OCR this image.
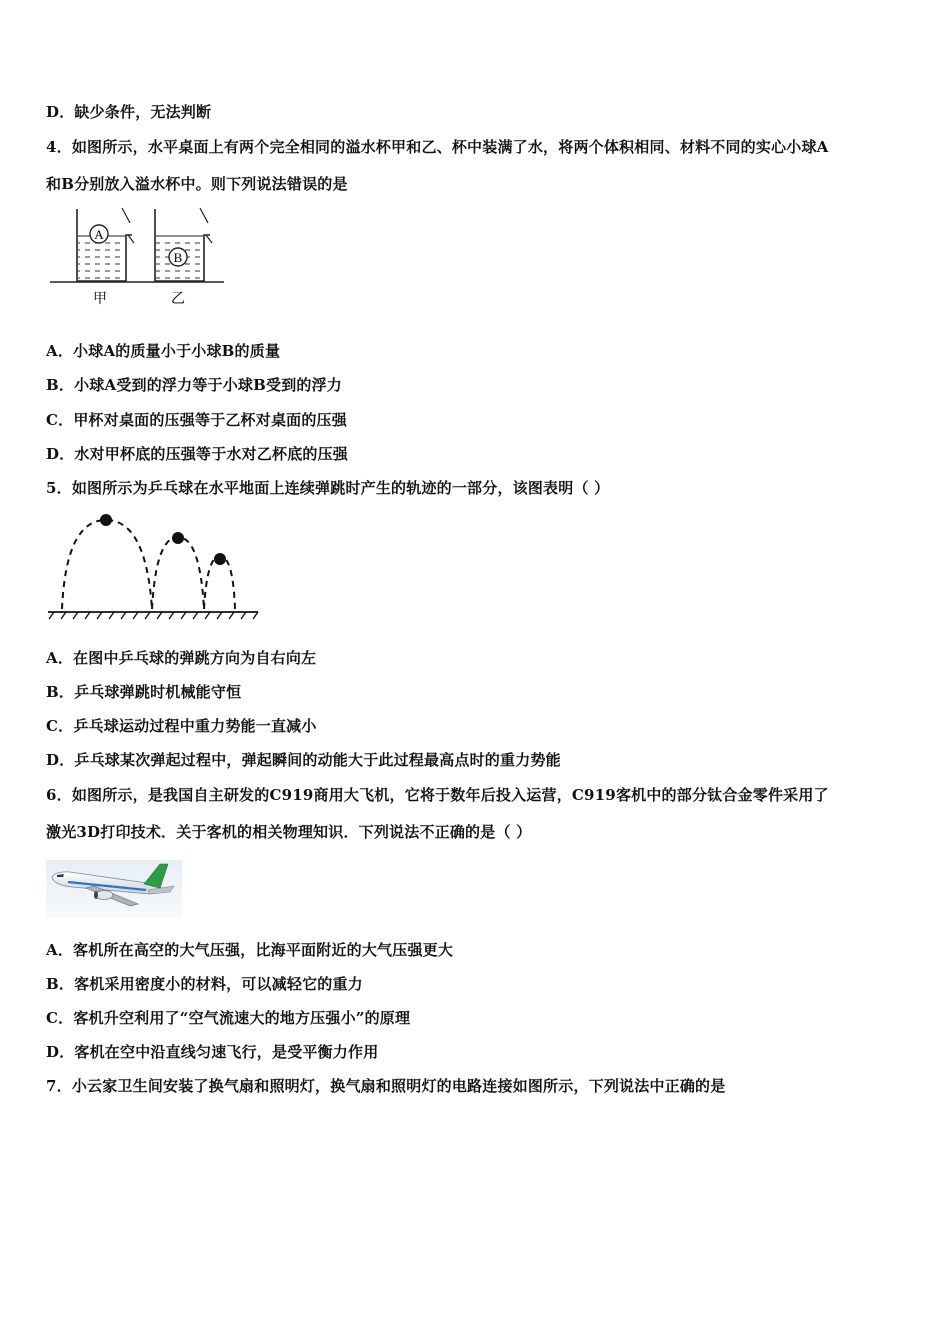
D．缺少条件，无法判断
4．如图所示，水平桌面上有两个完全相同的溢水杯甲和乙、杯中装满了水，将两个体积相同、材料不同的实心小球A
和B分别放入溢水杯中。则下列说法错误的是
A
B
甲	乙
A．小球A的质量小于小球B的质量
B．小球A受到的浮力等于小球B受到的浮力
C．甲杯对桌面的压强等于乙杯对桌面的压强
D．水对甲杯底的压强等于水对乙杯底的压强
5．如图所示为乒乓球在水平地面上连续弹跳时产生的轨迹的一部分，该图表明（ ）
A．在图中乒乓球的弹跳方向为自右向左
B．乒乓球弹跳时机械能守恒
C．乒乓球运动过程中重力势能一直减小
D．乒乓球某次弹起过程中，弹起瞬间的动能大于此过程最高点时的重力势能
6．如图所示，是我国自主研发的C919商用大飞机，它将于数年后投入运营，C919客机中的部分钛合金零件采用了
激光3D打印技术．关于客机的相关物理知识．下列说法不正确的是（ ）
A．客机所在高空的大气压强，比海平面附近的大气压强更大
B．客机采用密度小的材料，可以减轻它的重力
C．客机升空利用了“空气流速大的地方压强小”的原理
D．客机在空中沿直线匀速飞行，是受平衡力作用
7．小云家卫生间安装了换气扇和照明灯，换气扇和照明灯的电路连接如图所示，下列说法中正确的是
